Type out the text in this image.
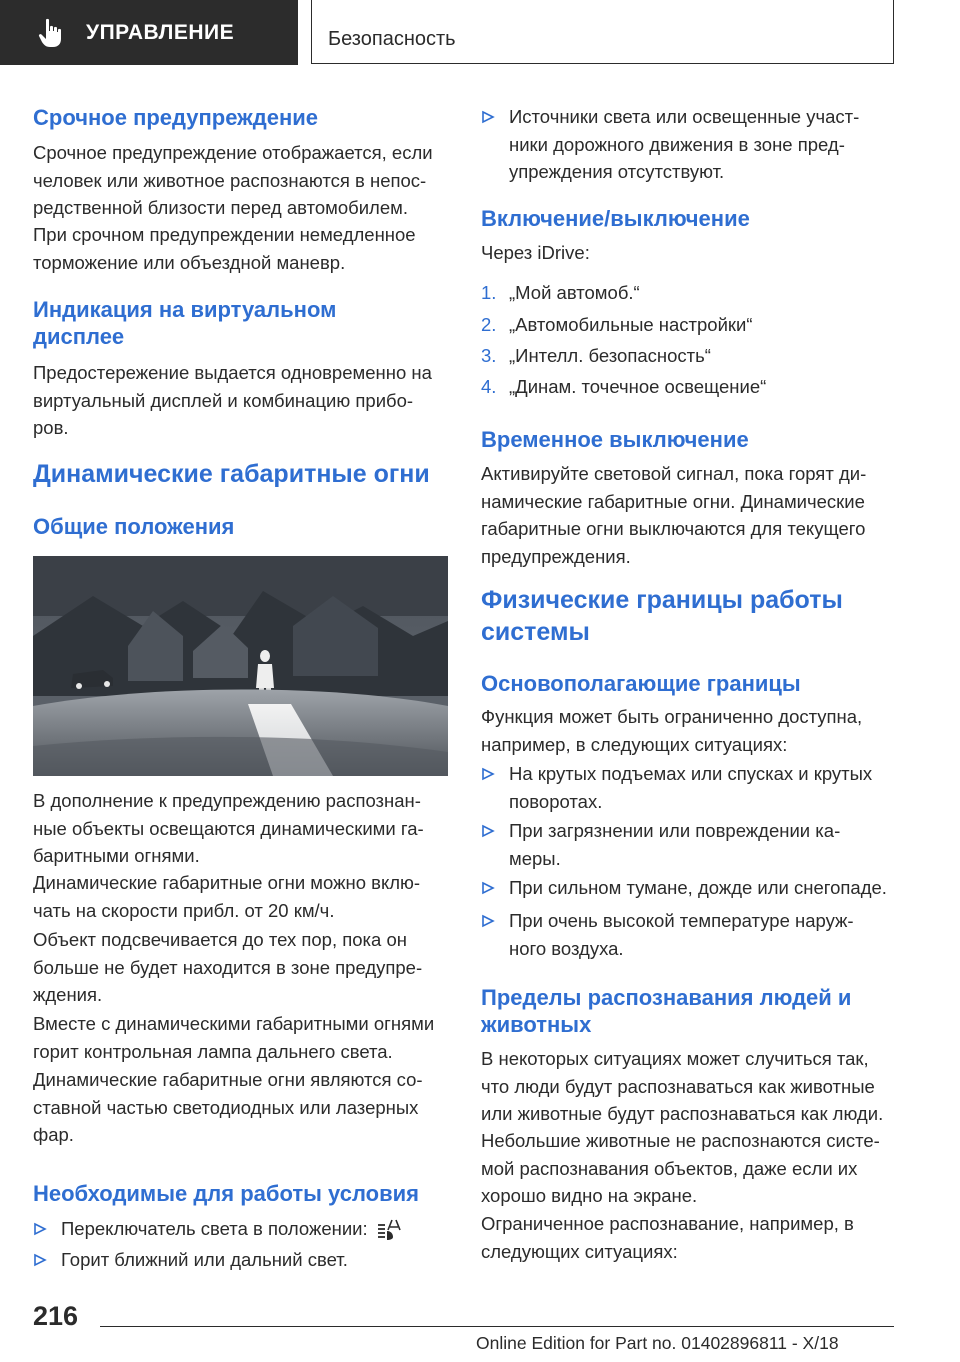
УПРАВЛЕНИЕ	Безопасность
Срочное предупреждение
Срочное предупреждение отображается, если
человек или животное распознаются в непос-
редственной близости перед автомобилем.
При срочном предупреждении немедленное
торможение или объездной маневр.
Индикация на виртуальном
дисплее
Предостережение выдается одновременно на
виртуальный дисплей и комбинацию прибо-
ров.
Динамические габаритные огни
Общие положения
В дополнение к предупреждению распознан-
ные объекты освещаются динамическими га-
баритными огнями.
Динамические габаритные огни можно вклю-
чать на скорости прибл. от 20 км/ч.
Объект подсвечивается до тех пор, пока он
больше не будет находится в зоне предупре-
ждения.
Вместе с динамическими габаритными огнями
горит контрольная лампа дальнего света.
Динамические габаритные огни являются со-
ставной частью светодиодных или лазерных
фар.
Необходимые для работы условия
Переключатель света в положении:
Горит ближний или дальний свет.
Источники света или освещенные участ-
ники дорожного движения в зоне пред-
упреждения отсутствуют.
Включение/выключение
Через iDrive:
1. „Мой автомоб.“
2. „Автомобильные настройки“
3. „Интелл. безопасность“
4. „Динам. точечное освещение“
Временное выключение
Активируйте световой сигнал, пока горят ди-
намические габаритные огни. Динамические
габаритные огни выключаются для текущего
предупреждения.
Физические границы работы
системы
Основополагающие границы
Функция может быть ограниченно доступна,
например, в следующих ситуациях:
На крутых подъемах или спусках и крутых
поворотах.
При загрязнении или повреждении ка-
меры.
При сильном тумане, дожде или снегопаде.
При очень высокой температуре наруж-
ного воздуха.
Пределы распознавания людей и
животных
В некоторых ситуациях может случиться так,
что люди будут распознаваться как животные
или животные будут распознаваться как люди.
Небольшие животные не распознаются систе-
мой распознавания объектов, даже если их
хорошо видно на экране.
Ограниченное распознавание, например, в
следующих ситуациях:
216
Online Edition for Part no. 01402896811 - X/18
